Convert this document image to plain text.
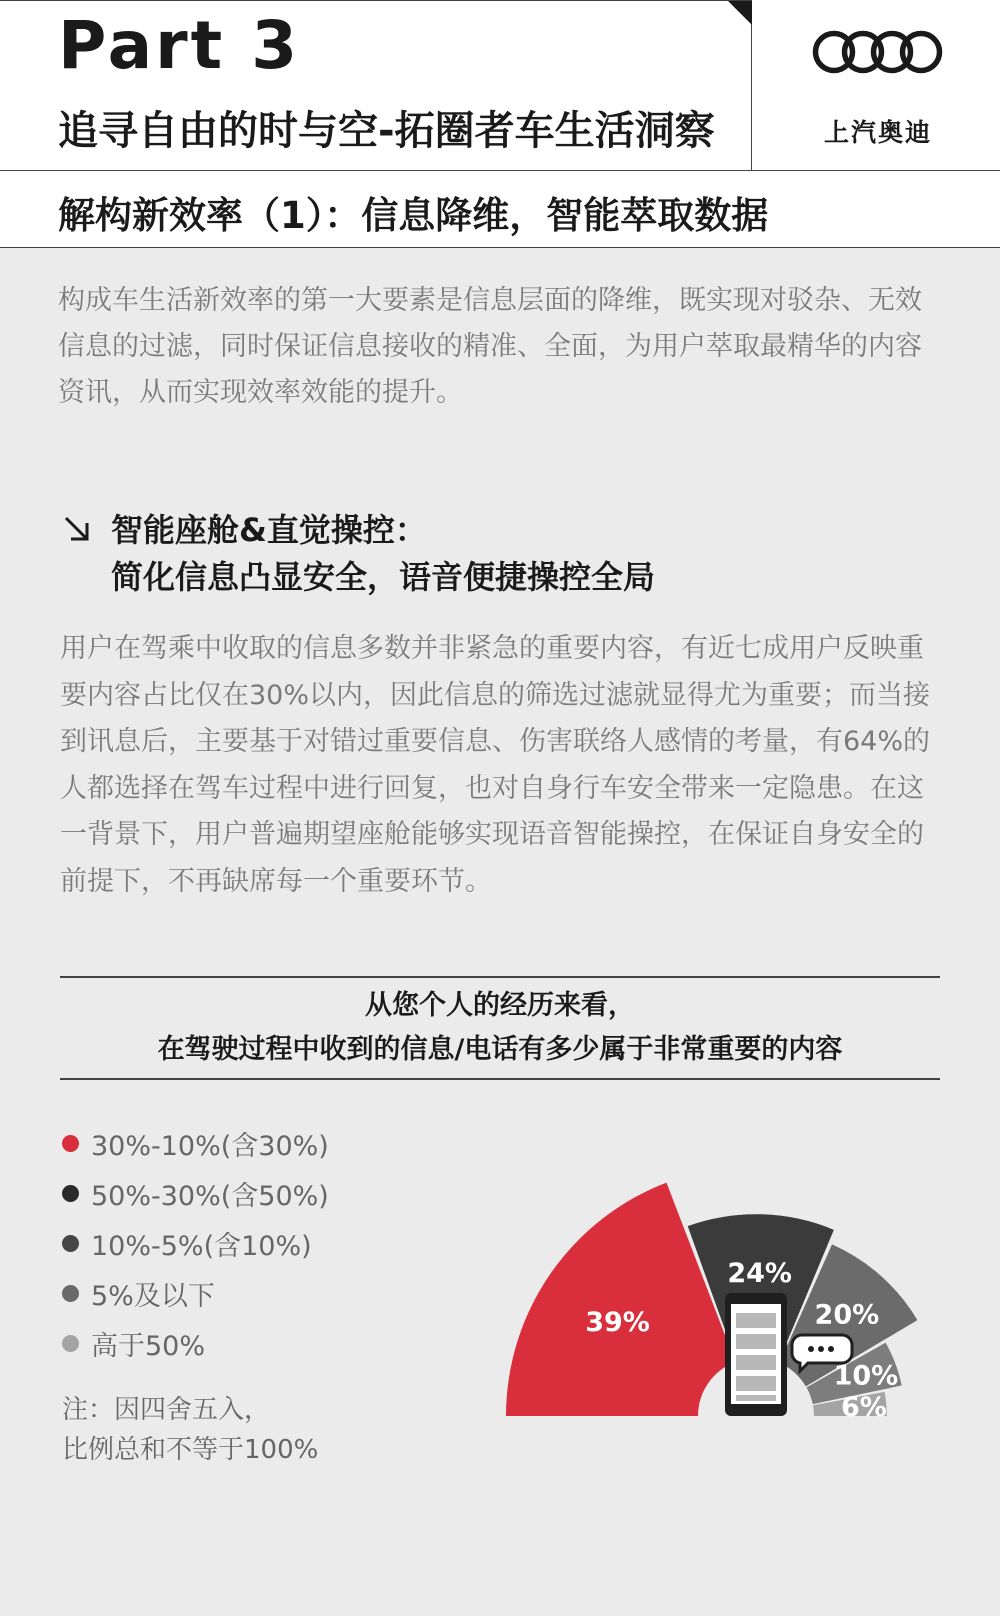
Part 3
追寻自由的时与空-拓圈者车生活洞察	上汽奥迪
解构新效率（1）：信息降维，智能萃取数据
构成车生活新效率的第一大要素是信息层面的降维，既实现对驳杂、无效信息的过滤，同时保证信息接收的精准、全面，为用户萃取最精华的内容资讯，从而实现效率效能的提升。
智能座舱&直觉操控：
简化信息凸显安全，语音便捷操控全局
用户在驾乘中收取的信息多数并非紧急的重要内容，有近七成用户反映重要内容占比仅在30%以内，因此信息的筛选过滤就显得尤为重要；而当接到讯息后，主要基于对错过重要信息、伤害联络人感情的考量，有64%的人都选择在驾车过程中进行回复，也对自身行车安全带来一定隐患。在这一背景下，用户普遍期望座舱能够实现语音智能操控，在保证自身安全的前提下，不再缺席每一个重要环节。
从您个人的经历来看，
在驾驶过程中收到的信息/电话有多少属于非常重要的内容
30%-10%(含30%)
50%-30%(含50%)
10%-5%(含10%)
5%及以下
高于50%
注：因四舍五入，
比例总和不等于100%
39%
24%
20%
10%
6%
